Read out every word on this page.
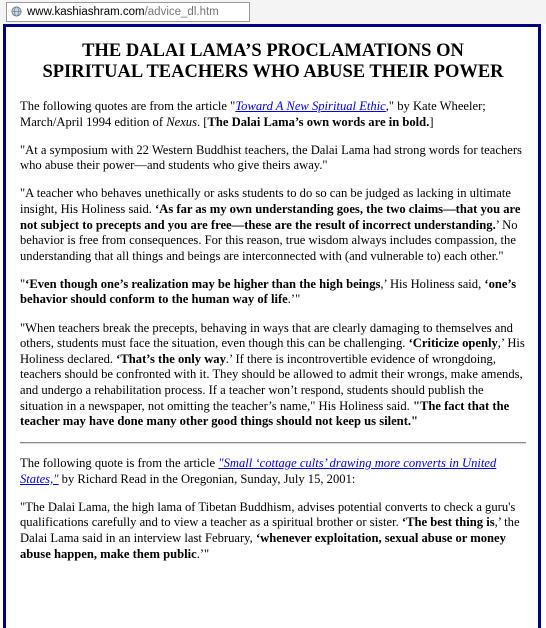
www.kashiashram.com/advice_dl.htm
THE DALAI LAMA’S PROCLAMATIONS ON
SPIRITUAL TEACHERS WHO ABUSE THEIR POWER

The following quotes are from the article "Toward A New Spiritual Ethic," by Kate Wheeler; March/April 1994 edition of Nexus. [The Dalai Lama’s own words are in bold.]

"At a symposium with 22 Western Buddhist teachers, the Dalai Lama had strong words for teachers who abuse their power—and students who give theirs away."

"A teacher who behaves unethically or asks students to do so can be judged as lacking in ultimate insight, His Holiness said. ‘As far as my own understanding goes, the two claims—that you are not subject to precepts and you are free—these are the result of incorrect understanding.’ No behavior is free from consequences. For this reason, true wisdom always includes compassion, the understanding that all things and beings are interconnected with (and vulnerable to) each other."

"‘Even though one’s realization may be higher than the high beings,’ His Holiness said, ‘one’s behavior should conform to the human way of life.’"

"When teachers break the precepts, behaving in ways that are clearly damaging to themselves and others, students must face the situation, even though this can be challenging. ‘Criticize openly,’ His Holiness declared. ‘That’s the only way.’ If there is incontrovertible evidence of wrongdoing, teachers should be confronted with it. They should be allowed to admit their wrongs, make amends, and undergo a rehabilitation process. If a teacher won’t respond, students should publish the situation in a newspaper, not omitting the teacher’s name," His Holiness said. "The fact that the teacher may have done many other good things should not keep us silent."

The following quote is from the article "Small ‘cottage cults’ drawing more converts in United States," by Richard Read in the Oregonian, Sunday, July 15, 2001:

"The Dalai Lama, the high lama of Tibetan Buddhism, advises potential converts to check a guru's qualifications carefully and to view a teacher as a spiritual brother or sister. ‘The best thing is,’ the Dalai Lama said in an interview last February, ‘whenever exploitation, sexual abuse or money abuse happen, make them public.’"
